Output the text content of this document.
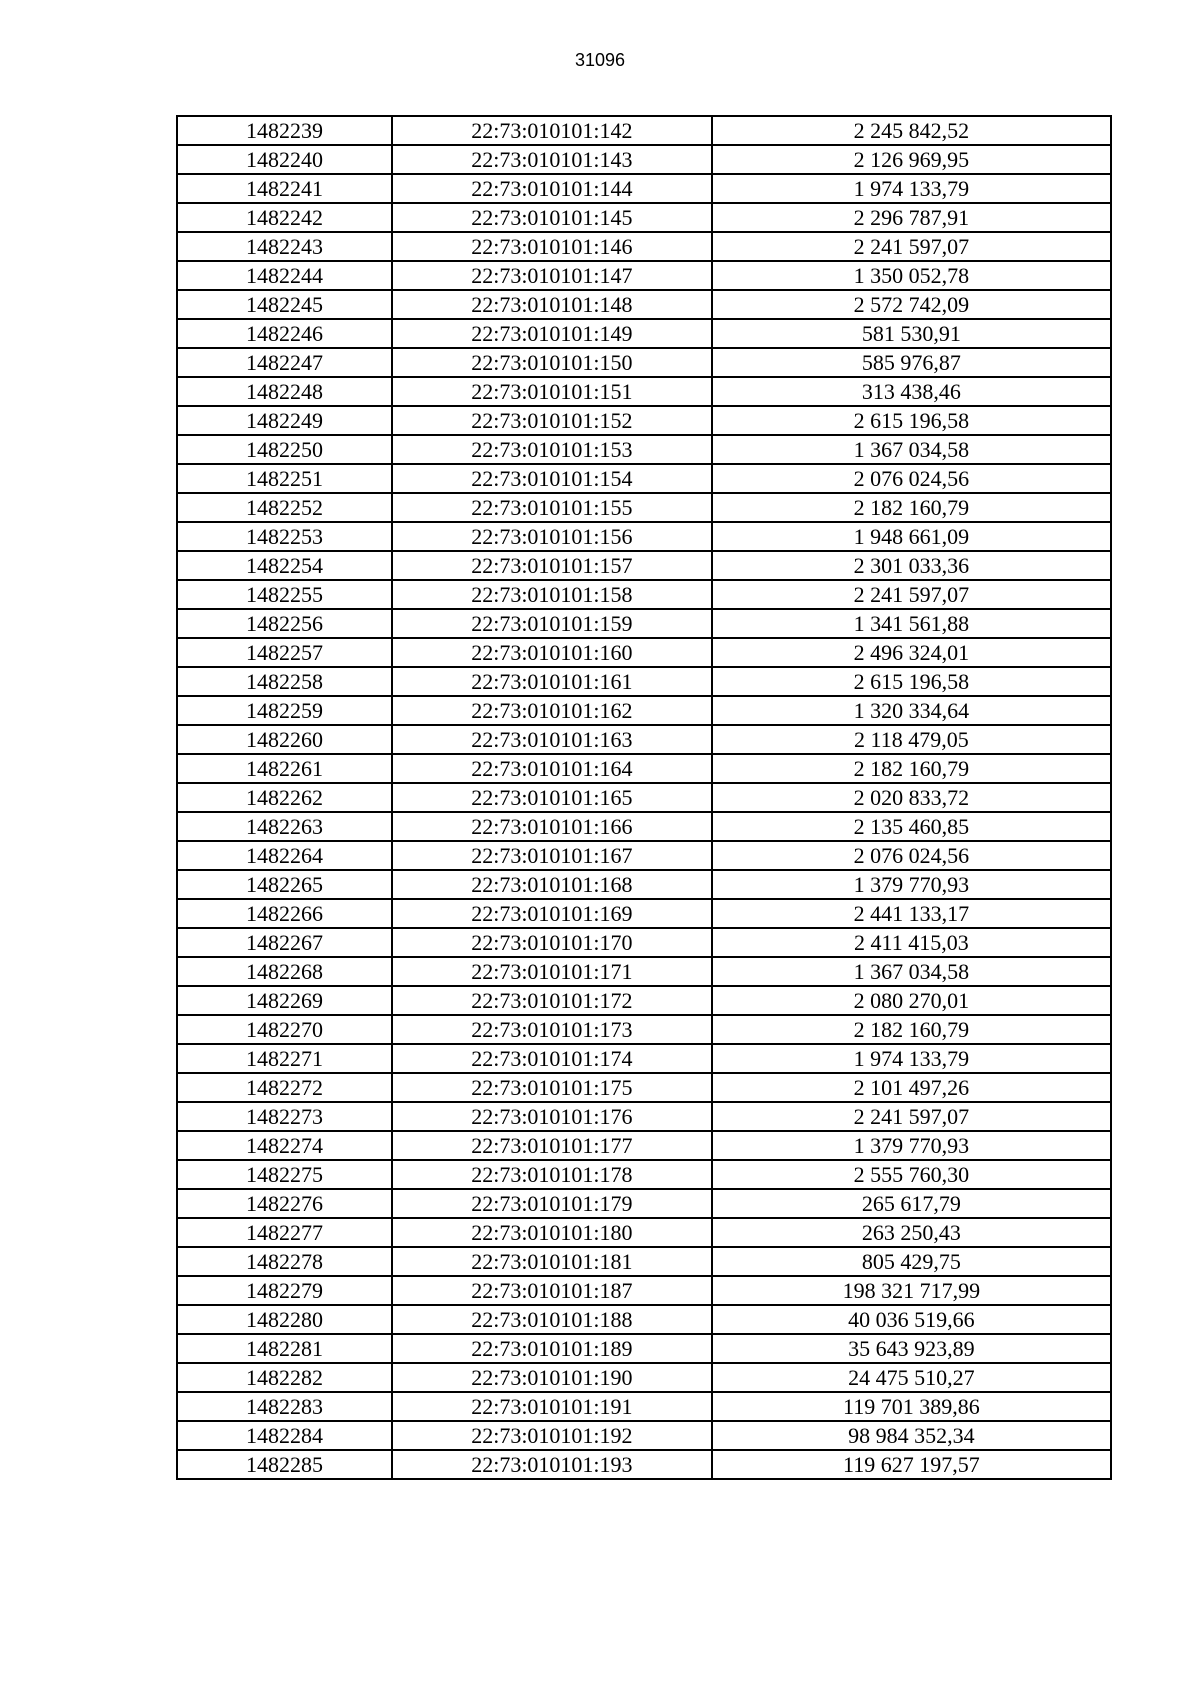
31096
1482239	22:73:010101:142	2 245 842,52
1482240	22:73:010101:143	2 126 969,95
1482241	22:73:010101:144	1 974 133,79
1482242	22:73:010101:145	2 296 787,91
1482243	22:73:010101:146	2 241 597,07
1482244	22:73:010101:147	1 350 052,78
1482245	22:73:010101:148	2 572 742,09
1482246	22:73:010101:149	581 530,91
1482247	22:73:010101:150	585 976,87
1482248	22:73:010101:151	313 438,46
1482249	22:73:010101:152	2 615 196,58
1482250	22:73:010101:153	1 367 034,58
1482251	22:73:010101:154	2 076 024,56
1482252	22:73:010101:155	2 182 160,79
1482253	22:73:010101:156	1 948 661,09
1482254	22:73:010101:157	2 301 033,36
1482255	22:73:010101:158	2 241 597,07
1482256	22:73:010101:159	1 341 561,88
1482257	22:73:010101:160	2 496 324,01
1482258	22:73:010101:161	2 615 196,58
1482259	22:73:010101:162	1 320 334,64
1482260	22:73:010101:163	2 118 479,05
1482261	22:73:010101:164	2 182 160,79
1482262	22:73:010101:165	2 020 833,72
1482263	22:73:010101:166	2 135 460,85
1482264	22:73:010101:167	2 076 024,56
1482265	22:73:010101:168	1 379 770,93
1482266	22:73:010101:169	2 441 133,17
1482267	22:73:010101:170	2 411 415,03
1482268	22:73:010101:171	1 367 034,58
1482269	22:73:010101:172	2 080 270,01
1482270	22:73:010101:173	2 182 160,79
1482271	22:73:010101:174	1 974 133,79
1482272	22:73:010101:175	2 101 497,26
1482273	22:73:010101:176	2 241 597,07
1482274	22:73:010101:177	1 379 770,93
1482275	22:73:010101:178	2 555 760,30
1482276	22:73:010101:179	265 617,79
1482277	22:73:010101:180	263 250,43
1482278	22:73:010101:181	805 429,75
1482279	22:73:010101:187	198 321 717,99
1482280	22:73:010101:188	40 036 519,66
1482281	22:73:010101:189	35 643 923,89
1482282	22:73:010101:190	24 475 510,27
1482283	22:73:010101:191	119 701 389,86
1482284	22:73:010101:192	98 984 352,34
1482285	22:73:010101:193	119 627 197,57
